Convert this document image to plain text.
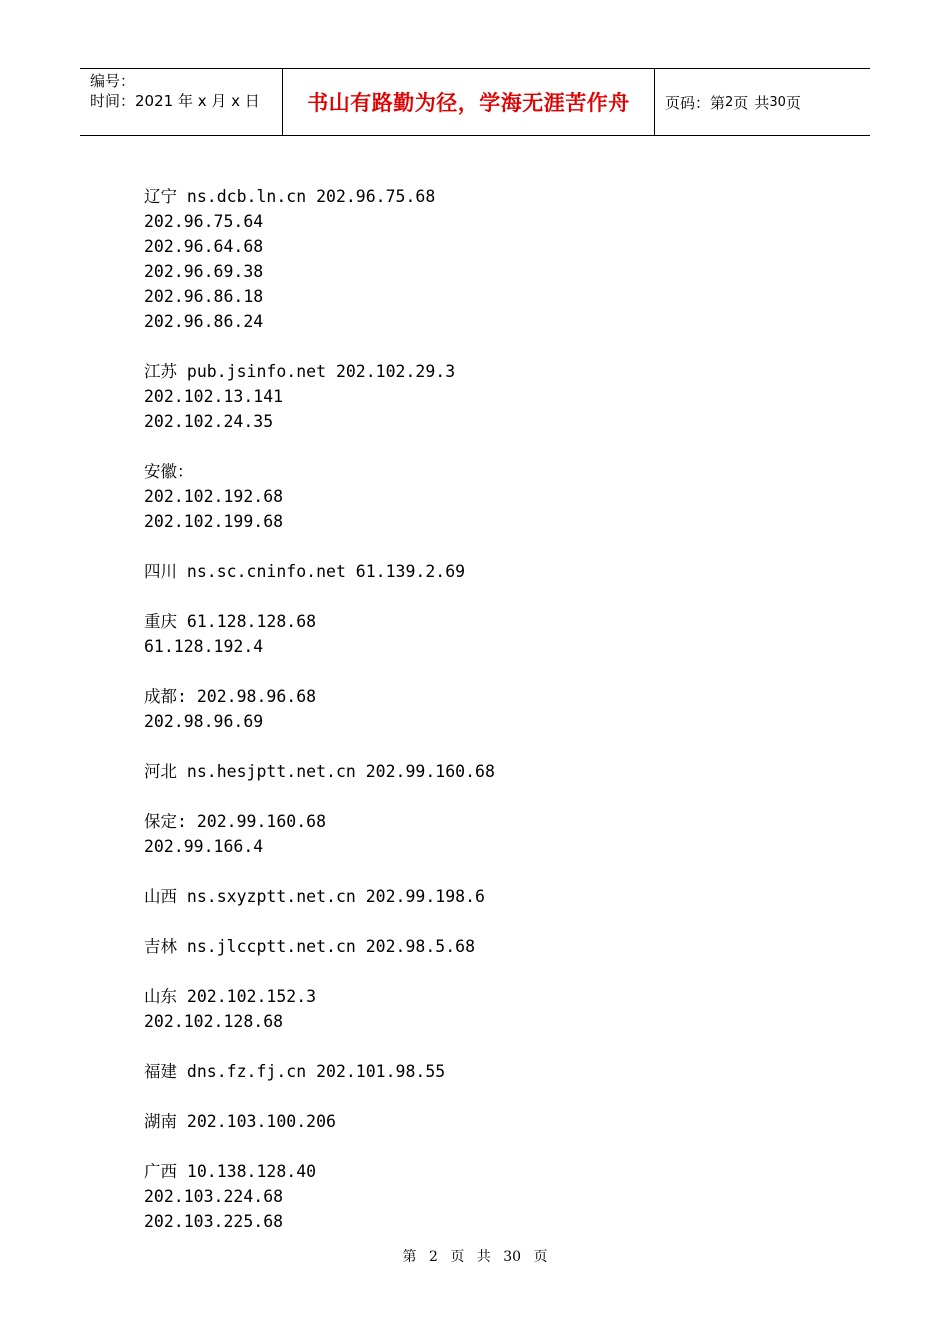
编号：
时间：2021 年 x 月 x 日	书山有路勤为径，学海无涯苦作舟	页码：第 2 页 共 30 页
辽宁 ns.dcb.ln.cn 202.96.75.68
202.96.75.64
202.96.64.68
202.96.69.38
202.96.86.18
202.96.86.24
江苏 pub.jsinfo.net 202.102.29.3
202.102.13.141
202.102.24.35
安徽：
202.102.192.68
202.102.199.68
四川 ns.sc.cninfo.net 61.139.2.69
重庆 61.128.128.68
61.128.192.4
成都: 202.98.96.68
202.98.96.69
河北 ns.hesjptt.net.cn 202.99.160.68
保定: 202.99.160.68
202.99.166.4
山西 ns.sxyzptt.net.cn 202.99.198.6
吉林 ns.jlccptt.net.cn 202.98.5.68
山东 202.102.152.3
202.102.128.68
福建 dns.fz.fj.cn 202.101.98.55
湖南 202.103.100.206
广西 10.138.128.40
202.103.224.68
202.103.225.68
第 2 页 共 30 页
